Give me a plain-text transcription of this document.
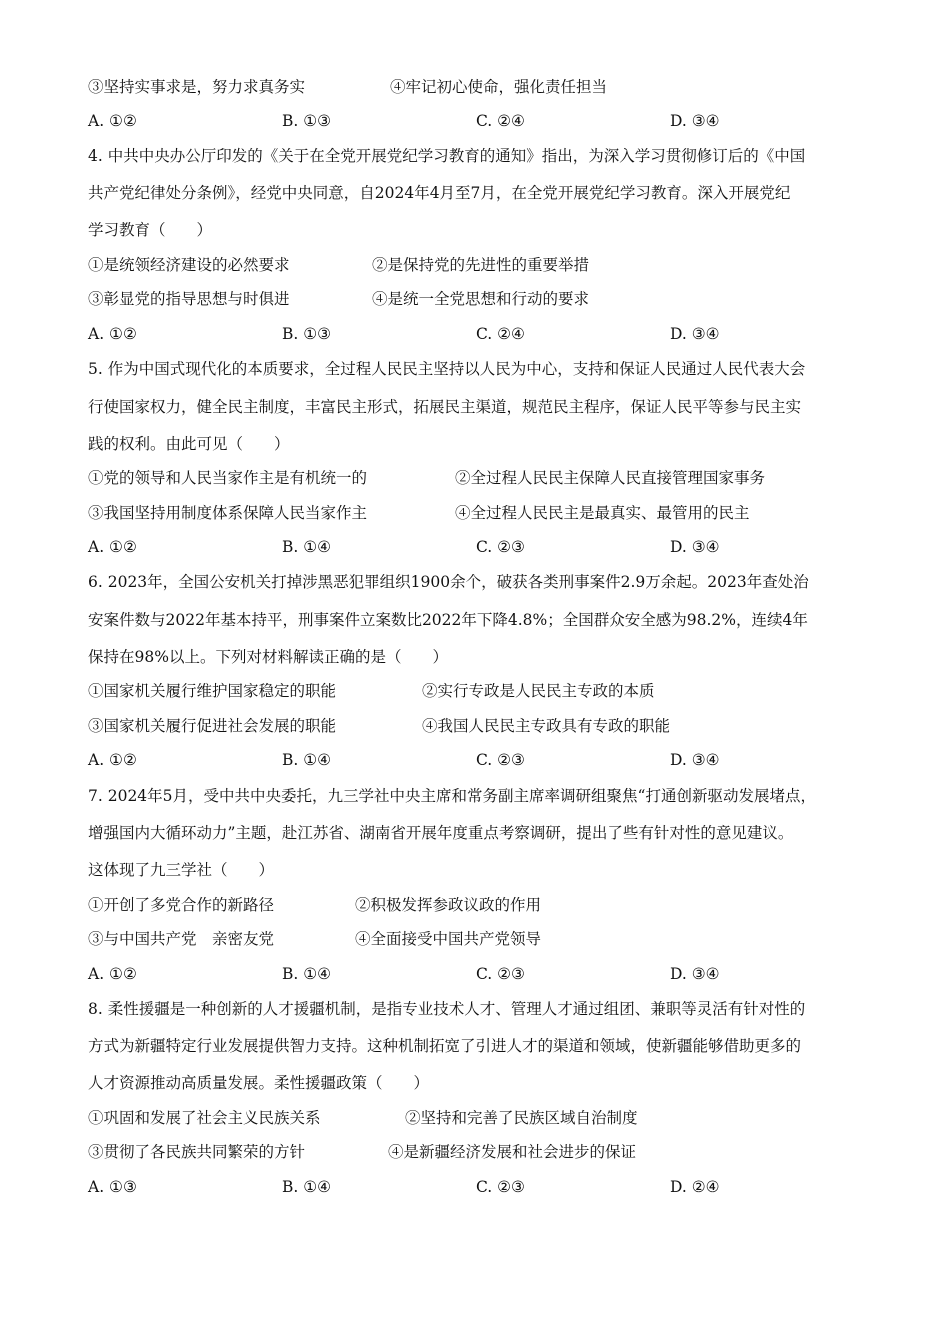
③坚持实事求是，努力求真务实	④牢记初心使命，强化责任担当
A. ①②	B. ①③	C. ②④	D. ③④
4. 中共中央办公厅印发的《关于在全党开展党纪学习教育的通知》指出，为深入学习贯彻修订后的《中国
共产党纪律处分条例》，经党中央同意，自2024年4月至7月，在全党开展党纪学习教育。深入开展党纪
学习教育（　　）
①是统领经济建设的必然要求	②是保持党的先进性的重要举措
③彰显党的指导思想与时俱进	④是统一全党思想和行动的要求
A. ①②	B. ①③	C. ②④	D. ③④
5. 作为中国式现代化的本质要求，全过程人民民主坚持以人民为中心，支持和保证人民通过人民代表大会
行使国家权力，健全民主制度，丰富民主形式，拓展民主渠道，规范民主程序，保证人民平等参与民主实
践的权利。由此可见（　　）
①党的领导和人民当家作主是有机统一的	②全过程人民民主保障人民直接管理国家事务
③我国坚持用制度体系保障人民当家作主	④全过程人民民主是最真实、最管用的民主
A. ①②	B. ①④	C. ②③	D. ③④
6. 2023年，全国公安机关打掉涉黑恶犯罪组织1900余个，破获各类刑事案件2.9万余起。2023年查处治
安案件数与2022年基本持平，刑事案件立案数比2022年下降4.8%；全国群众安全感为98.2%，连续4年
保持在98%以上。下列对材料解读正确的是（　　）
①国家机关履行维护国家稳定的职能	②实行专政是人民民主专政的本质
③国家机关履行促进社会发展的职能	④我国人民民主专政具有专政的职能
A. ①②	B. ①④	C. ②③	D. ③④
7. 2024年5月，受中共中央委托，九三学社中央主席和常务副主席率调研组聚焦“打通创新驱动发展堵点，
增强国内大循环动力”主题，赴江苏省、湖南省开展年度重点考察调研，提出了些有针对性的意见建议。
这体现了九三学社（　　）
①开创了多党合作的新路径	②积极发挥参政议政的作用
③与中国共产党　亲密友党	④全面接受中国共产党领导
A. ①②	B. ①④	C. ②③	D. ③④
8. 柔性援疆是一种创新的人才援疆机制，是指专业技术人才、管理人才通过组团、兼职等灵活有针对性的
方式为新疆特定行业发展提供智力支持。这种机制拓宽了引进人才的渠道和领域，使新疆能够借助更多的
人才资源推动高质量发展。柔性援疆政策（　　）
①巩固和发展了社会主义民族关系	②坚持和完善了民族区域自治制度
③贯彻了各民族共同繁荣的方针	④是新疆经济发展和社会进步的保证
A. ①③	B. ①④	C. ②③	D. ②④
